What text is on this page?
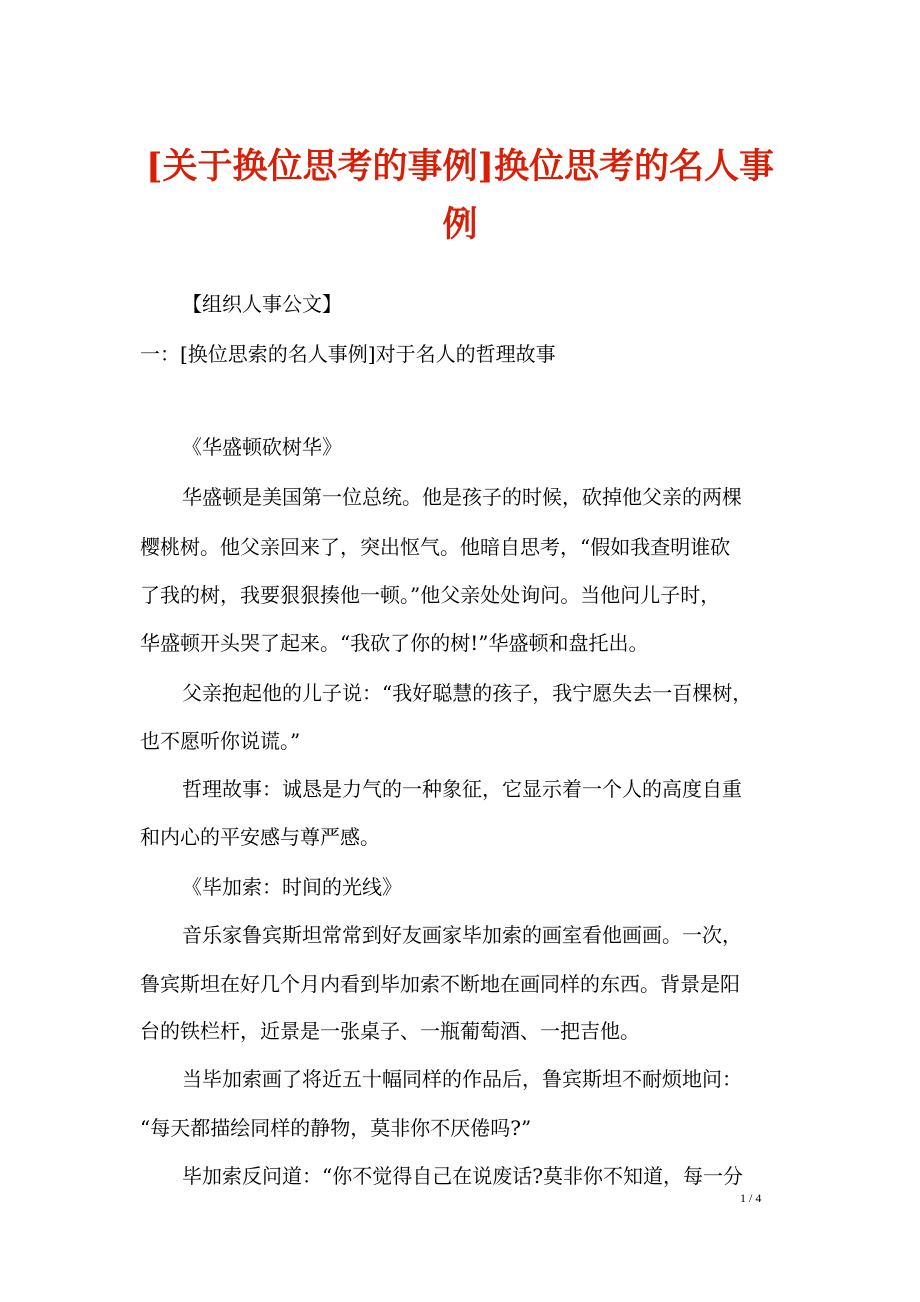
[关于换位思考的事例]换位思考的名人事例

【组织人事公文】

一：[换位思索的名人事例]对于名人的哲理故事

《华盛顿砍树华》

华盛顿是美国第一位总统。他是孩子的时候，砍掉他父亲的两棵

樱桃树。他父亲回来了，突出怄气。他暗自思考，“假如我查明谁砍

了我的树，我要狠狠揍他一顿。”他父亲处处询问。当他问儿子时，

华盛顿开头哭了起来。“我砍了你的树!”华盛顿和盘托出。

父亲抱起他的儿子说：“我好聪慧的孩子，我宁愿失去一百棵树，

也不愿听你说谎。”

哲理故事：诚恳是力气的一种象征，它显示着一个人的高度自重

和内心的平安感与尊严感。

《毕加索：时间的光线》

音乐家鲁宾斯坦常常到好友画家毕加索的画室看他画画。一次，

鲁宾斯坦在好几个月内看到毕加索不断地在画同样的东西。背景是阳

台的铁栏杆，近景是一张桌子、一瓶葡萄酒、一把吉他。

当毕加索画了将近五十幅同样的作品后，鲁宾斯坦不耐烦地问：

“每天都描绘同样的静物，莫非你不厌倦吗?”

毕加索反问道：“你不觉得自己在说废话?莫非你不知道，每一分

1 / 4
